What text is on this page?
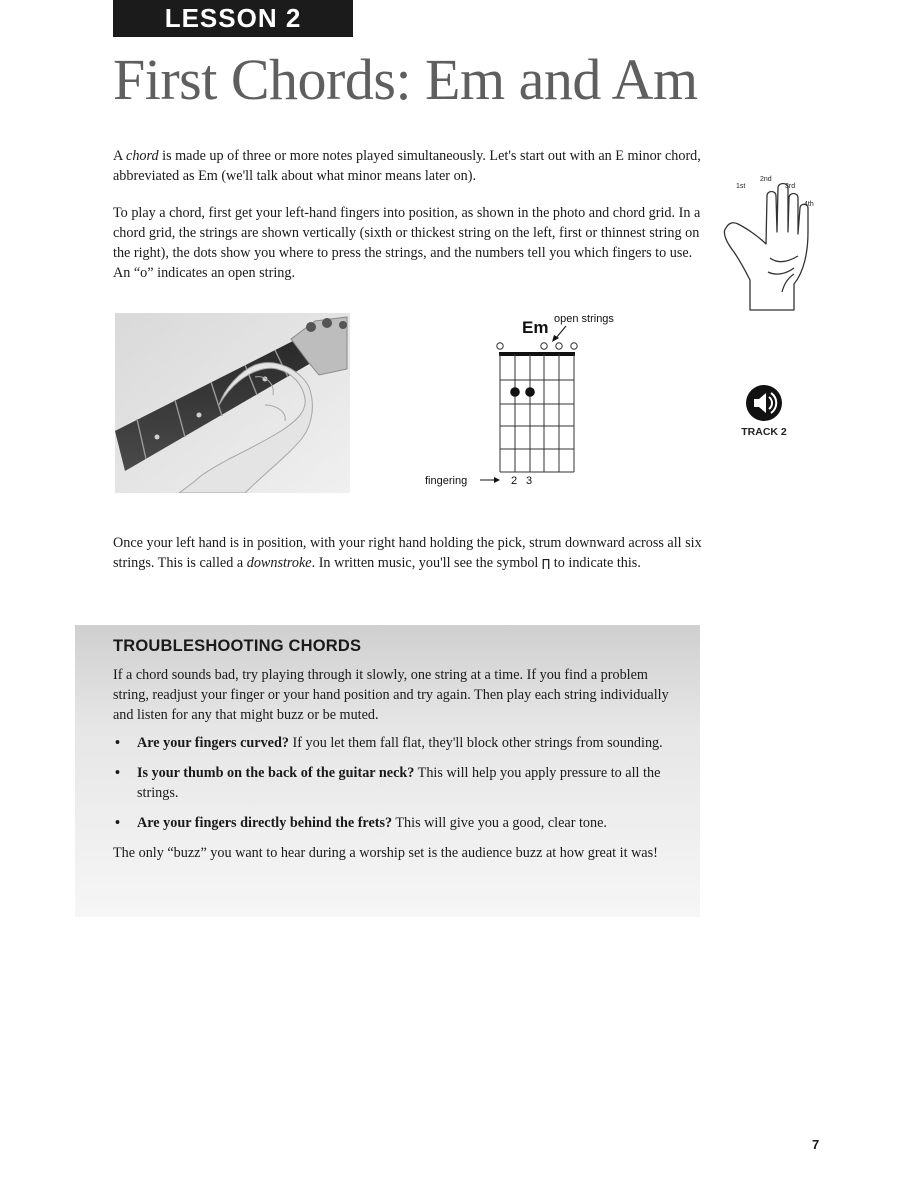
LESSON 2
First Chords: Em and Am

A chord is made up of three or more notes played simultaneously. Let's start out with an E minor chord, abbreviated as Em (we'll talk about what minor means later on).

To play a chord, first get your left-hand fingers into position, as shown in the photo and chord grid. In a chord grid, the strings are shown vertically (sixth or thickest string on the left, first or thinnest string on the right), the dots show you where to press the strings, and the numbers tell you which fingers to use. An “o” indicates an open string.

1st
2nd
3rd
4th
Em open strings
fingering	2 3
TRACK 2

Once your left hand is in position, with your right hand holding the pick, strum downward across all six strings. This is called a downstroke. In written music, you'll see the symbol ∏ to indicate this.

TROUBLESHOOTING CHORDS

If a chord sounds bad, try playing through it slowly, one string at a time. If you find a problem string, readjust your finger or your hand position and try again. Then play each string individually and listen for any that might buzz or be muted.

• Are your fingers curved? If you let them fall flat, they'll block other strings from sounding.
• Is your thumb on the back of the guitar neck? This will help you apply pressure to all the strings.
• Are your fingers directly behind the frets? This will give you a good, clear tone.

The only “buzz” you want to hear during a worship set is the audience buzz at how great it was!

7
